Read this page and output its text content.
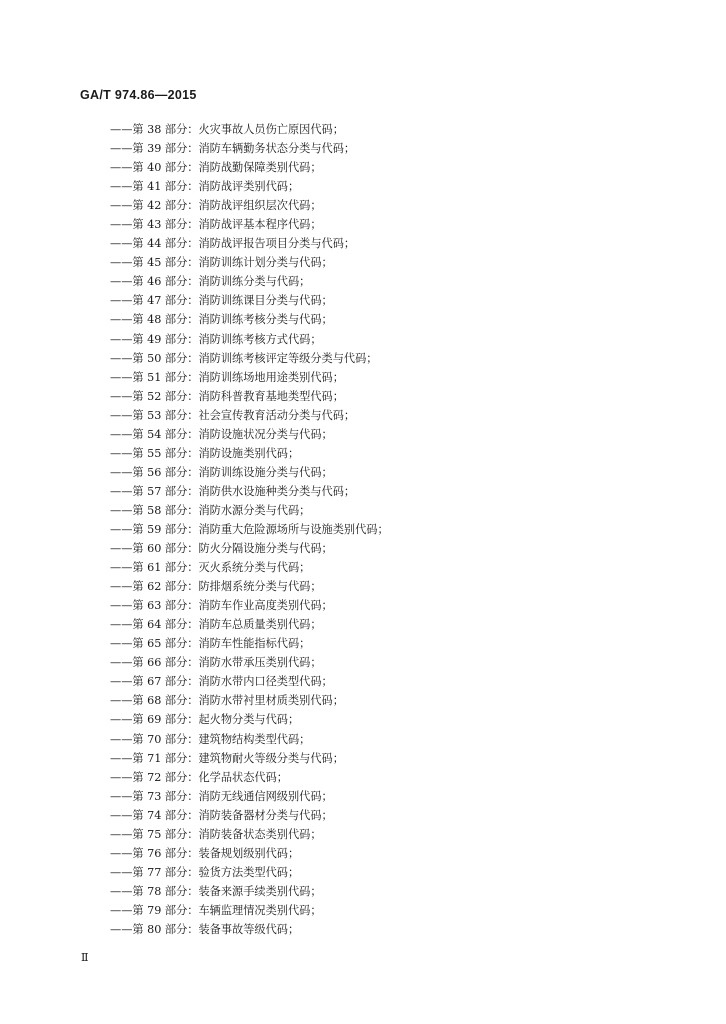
GA/T 974.86—2015
——第 38 部分：火灾事故人员伤亡原因代码；
——第 39 部分：消防车辆勤务状态分类与代码；
——第 40 部分：消防战勤保障类别代码；
——第 41 部分：消防战评类别代码；
——第 42 部分：消防战评组织层次代码；
——第 43 部分：消防战评基本程序代码；
——第 44 部分：消防战评报告项目分类与代码；
——第 45 部分：消防训练计划分类与代码；
——第 46 部分：消防训练分类与代码；
——第 47 部分：消防训练课目分类与代码；
——第 48 部分：消防训练考核分类与代码；
——第 49 部分：消防训练考核方式代码；
——第 50 部分：消防训练考核评定等级分类与代码；
——第 51 部分：消防训练场地用途类别代码；
——第 52 部分：消防科普教育基地类型代码；
——第 53 部分：社会宣传教育活动分类与代码；
——第 54 部分：消防设施状况分类与代码；
——第 55 部分：消防设施类别代码；
——第 56 部分：消防训练设施分类与代码；
——第 57 部分：消防供水设施种类分类与代码；
——第 58 部分：消防水源分类与代码；
——第 59 部分：消防重大危险源场所与设施类别代码；
——第 60 部分：防火分隔设施分类与代码；
——第 61 部分：灭火系统分类与代码；
——第 62 部分：防排烟系统分类与代码；
——第 63 部分：消防车作业高度类别代码；
——第 64 部分：消防车总质量类别代码；
——第 65 部分：消防车性能指标代码；
——第 66 部分：消防水带承压类别代码；
——第 67 部分：消防水带内口径类型代码；
——第 68 部分：消防水带衬里材质类别代码；
——第 69 部分：起火物分类与代码；
——第 70 部分：建筑物结构类型代码；
——第 71 部分：建筑物耐火等级分类与代码；
——第 72 部分：化学品状态代码；
——第 73 部分：消防无线通信网级别代码；
——第 74 部分：消防装备器材分类与代码；
——第 75 部分：消防装备状态类别代码；
——第 76 部分：装备规划级别代码；
——第 77 部分：验货方法类型代码；
——第 78 部分：装备来源手续类别代码；
——第 79 部分：车辆监理情况类别代码；
——第 80 部分：装备事故等级代码；
Ⅱ
